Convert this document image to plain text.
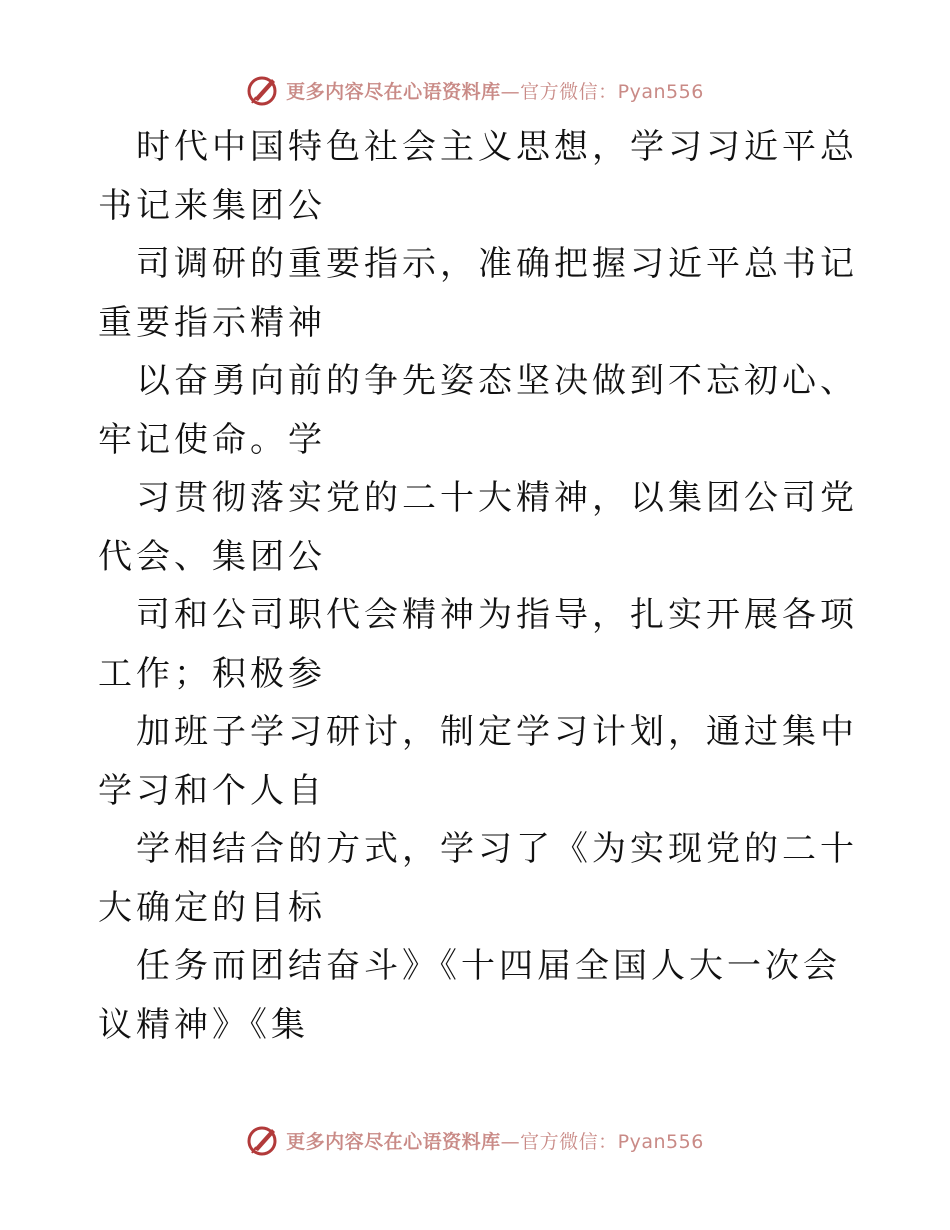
更多内容尽在心语资料库—官方微信：Pyan556

时代中国特色社会主义思想，学习习近平总书记来集团公

司调研的重要指示，准确把握习近平总书记重要指示精神

以奋勇向前的争先姿态坚决做到不忘初心、牢记使命。学

习贯彻落实党的二十大精神，以集团公司党代会、集团公

司和公司职代会精神为指导，扎实开展各项工作；积极参

加班子学习研讨，制定学习计划，通过集中学习和个人自

学相结合的方式，学习了《为实现党的二十大确定的目标

任务而团结奋斗》《十四届全国人大一次会议精神》《集

更多内容尽在心语资料库—官方微信：Pyan556
